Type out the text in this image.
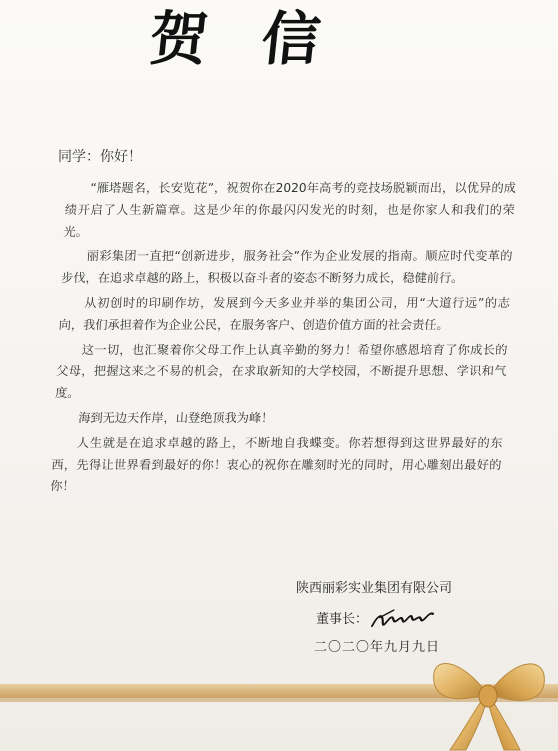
贺信
同学：你好！

“雁塔题名，长安览花”，祝贺你在2020年高考的竞技场脱颖而出，以优异的成绩开启了人生新篇章。这是少年的你最闪闪发光的时刻，也是你家人和我们的荣光。

丽彩集团一直把“创新进步，服务社会”作为企业发展的指南。顺应时代变革的步伐，在追求卓越的路上，积极以奋斗者的姿态不断努力成长，稳健前行。

从初创时的印刷作坊，发展到今天多业并举的集团公司，用“大道行远”的志向，我们承担着作为企业公民，在服务客户、创造价值方面的社会责任。

这一切，也汇聚着你父母工作上认真辛勤的努力！希望你感恩培育了你成长的父母，把握这来之不易的机会，在求取新知的大学校园，不断提升思想、学识和气度。

海到无边天作岸，山登绝顶我为峰！

人生就是在追求卓越的路上，不断地自我蝶变。你若想得到这世界最好的东西，先得让世界看到最好的你！衷心的祝你在雕刻时光的同时，用心雕刻出最好的你！

陕西丽彩实业集团有限公司
董事长：
二〇二〇年九月九日
